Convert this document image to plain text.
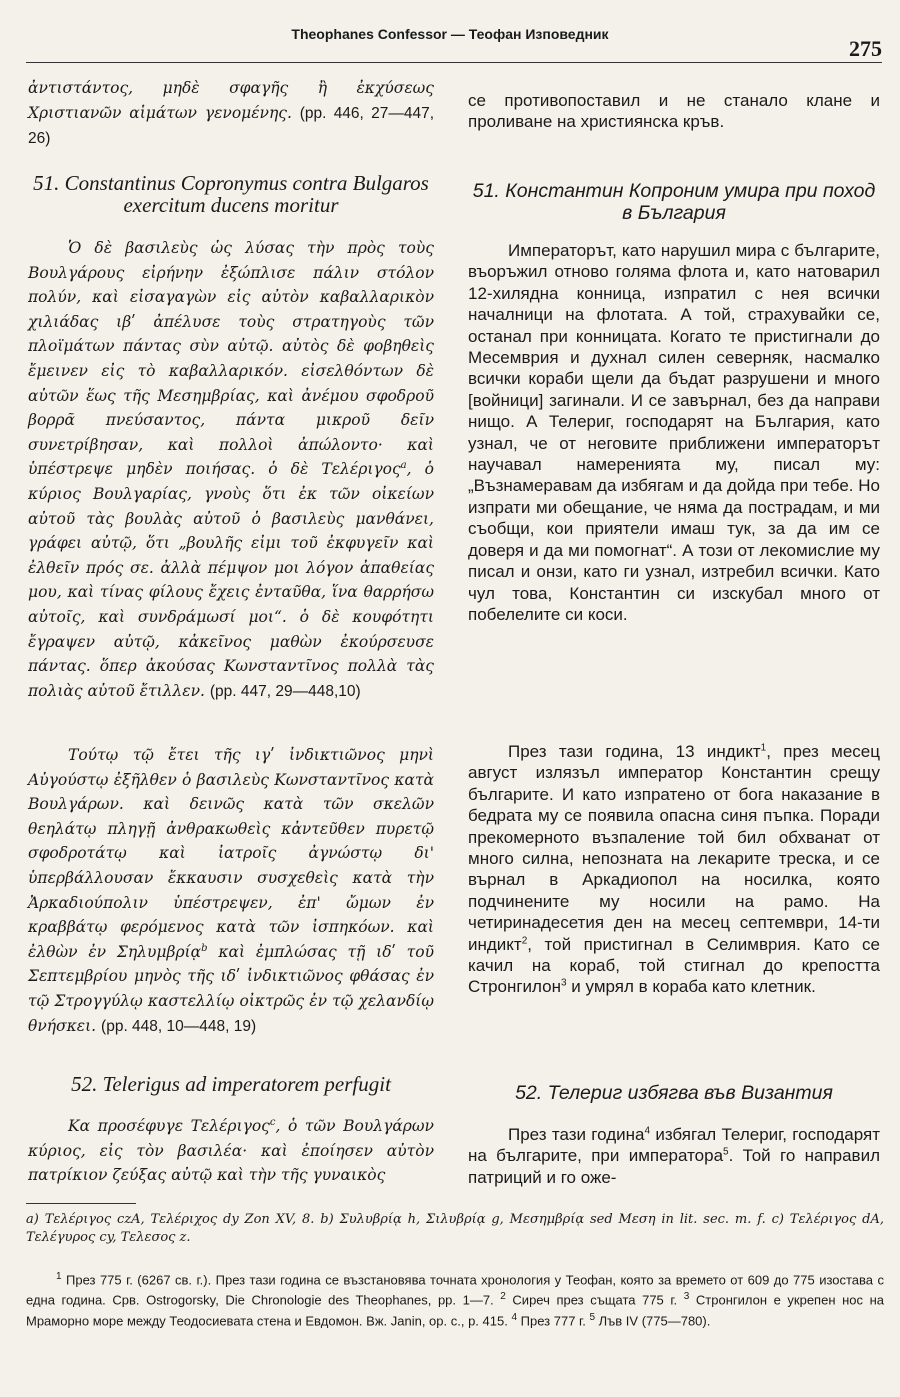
Theophanes Confessor — Теофан Изповедник
275

ἀντιστάντος, μηδὲ σφαγῆς ἢ ἐκχύσεως Χριστιανῶν αἱμάτων γενομένης. (pp. 446, 27—447, 26)

51. Constantinus Copronymus contra Bulgaros exercitum ducens moritur

Ὁ δὲ βασιλεὺς ὡς λύσας τὴν πρὸς τοὺς Βουλγάρους εἰρήνην ἐξώπλισε πάλιν στόλον πολύν, καὶ εἰσαγαγὼν εἰς αὐτὸν καβαλλαρικὸν χιλιάδας ιβʹ ἀπέλυσε τοὺς στρατηγοὺς τῶν πλοϊμάτων πάντας σὺν αὐτῷ. αὐτὸς δὲ φοβηθεὶς ἔμεινεν εἰς τὸ καβαλλαρικόν. εἰσελθόντων δὲ αὐτῶν ἕως τῆς Μεσημβρίας, καὶ ἀνέμου σφοδροῦ βορρᾶ πνεύσαντος, πάντα μικροῦ δεῖν συνετρίβησαν, καὶ πολλοὶ ἀπώλοντο· καὶ ὑπέστρεψε μηδὲν ποιήσας. ὁ δὲ Τελέριγος$^a$, ὁ κύριος Βουλγαρίας, γνοὺς ὅτι ἐκ τῶν οἰκείων αὐτοῦ τὰς βουλὰς αὐτοῦ ὁ βασιλεὺς μανθάνει, γράφει αὐτῷ, ὅτι „βουλῆς εἰμι τοῦ ἐκφυγεῖν καὶ ἐλθεῖν πρός σε. ἀλλὰ πέμψον μοι λόγον ἀπαθείας μου, καὶ τίνας φίλους ἔχεις ἐνταῦθα, ἵνα θαρρήσω αὐτοῖς, καὶ συνδράμωσί μοι“. ὁ δὲ κουφότητι ἔγραψεν αὐτῷ, κἀκεῖνος μαθὼν ἐκούρσευσε πάντας. ὅπερ ἀκούσας Κωνσταντῖνος πολλὰ τὰς πολιὰς αὐτοῦ ἔτιλλεν. (pp. 447, 29—448,10)

Τούτῳ τῷ ἔτει τῆς ιγʹ ἰνδικτιῶνος μηνὶ Αὐγούστῳ ἐξῆλθεν ὁ βασιλεὺς Κωνσταντῖνος κατὰ Βουλγάρων. καὶ δεινῶς κατὰ τῶν σκελῶν θεηλάτῳ πληγῇ ἀνθρακωθεὶς κἀντεῦθεν πυρετῷ σφοδροτάτῳ καὶ ἰατροῖς ἀγνώστῳ δι' ὑπερβάλλουσαν ἔκκαυσιν συσχεθεὶς κατὰ τὴν Ἀρκαδιούπολιν ὑπέστρεψεν, ἐπ' ὤμων ἐν κραββάτῳ φερόμενος κατὰ τῶν ἰσπηκόων. καὶ ἐλθὼν ἐν Σηλυμβρίᾳ$^b$ καὶ ἐμπλώσας τῇ ιδʹ τοῦ Σεπτεμβρίου μηνὸς τῆς ιδʹ ἰνδικτιῶνος φθάσας ἐν τῷ Στρογγύλῳ καστελλίῳ οἰκτρῶς ἐν τῷ χελανδίῳ θνήσκει. (pp. 448, 10—448, 19)

52. Telerigus ad imperatorem perfugit

Κα προσέφυγε Τελέριγος$^c$, ὁ τῶν Βουλγάρων κύριος, εἰς τὸν βασιλέα· καὶ ἐποίησεν αὐτὸν πατρίκιον ζεύξας αὐτῷ καὶ τὴν τῆς γυναικὸς

се противопоставил и не станало клане и проливане на християнска кръв.

51. Константин Копроним умира при поход в България

Императорът, като нарушил мира с българите, въоръжил отново голяма флота и, като натоварил 12-хилядна конница, изпратил с нея всички началници на флотата. А той, страхувайки се, останал при конницата. Когато те пристигнали до Месемврия и духнал силен северняк, насмалко всички кораби щели да бъдат разрушени и много [войници] загинали. И се завърнал, без да направи нищо. А Телериг, господарят на България, като узнал, че от неговите приближени императорът научавал намеренията му, писал му: „Възнамеравам да избягам и да дойда при тебе. Но изпрати ми обещание, че няма да пострадам, и ми съобщи, кои приятели имаш тук, за да им се доверя и да ми помогнат“. А този от лекомислие му писал и онзи, като ги узнал, изтребил всички. Като чул това, Константин си изскубал много от побелелите си коси.

През тази година, 13 индикт$^1$, през месец август излязъл император Константин срещу българите. И като изпратено от бога наказание в бедрата му се появила опасна синя пъпка. Поради прекомерното възпаление той бил обхванат от много силна, непозната на лекарите треска, и се върнал в Аркадиопол на носилка, която подчинените му носили на рамо. На четиринадесетия ден на месец септември, 14-ти индикт$^2$, той пристигнал в Селимврия. Като се качил на кораб, той стигнал до крепостта Стронгилон$^3$ и умрял в кораба като клетник.

52. Телериг избягва във Византия

През тази година$^4$ избягал Телериг, господарят на българите, при императора$^5$. Той го направил патриций и го оже-

a) Τελέριγος czA, Τελέριχος dy Zon XV, 8. b) Συλυβρίᾳ h, Σιλυβρίᾳ g, Μεσημβρίᾳ sed Μεση in lit. sec. m. f. c) Τελέριγος dA, Τελέγυρος cy, Τελεσος z.

$^1$ През 775 г. (6267 св. г.). През тази година се възстановява точната хронология у Теофан, която за времето от 609 до 775 изостава с една година. Срв. Ostrogorsky, Die Chronologie des Theophanes, pp. 1—7. $^2$ Сиреч през същата 775 г. $^3$ Стронгилон е укрепен нос на Мраморно море между Теодосиевата стена и Евдомон. Вж. Janin, op. c., p. 415. $^4$ През 777 г. $^5$ Лъв IV (775—780).
